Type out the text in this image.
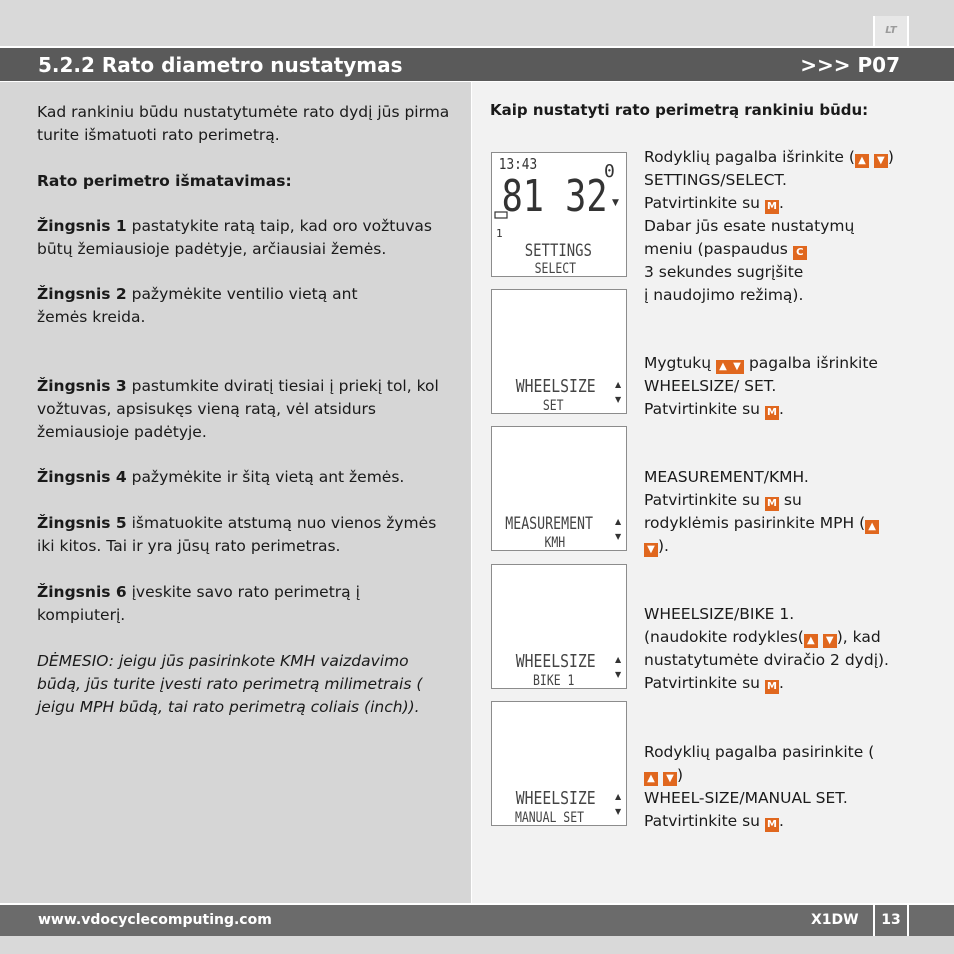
LT
5.2.2 Rato diametro nustatymas	>>> P07
Kad rankiniu būdu nustatytumėte rato dydį jūs pirma turite išmatuoti rato perimetrą.
Rato perimetro išmatavimas:
Žingsnis 1 pastatykite ratą taip, kad oro vožtuvas būtų žemiausioje padėtyje, arčiausiai žemės.
Žingsnis 2 pažymėkite ventilio vietą ant žemės kreida.
Žingsnis 3 pastumkite dviratį tiesiai į priekį tol, kol vožtuvas, apsisukęs vieną ratą, vėl atsidurs žemiausioje padėtyje.
Žingsnis 4 pažymėkite ir šitą vietą ant žemės.
Žingsnis 5 išmatuokite atstumą nuo vienos žymės iki kitos. Tai ir yra jūsų rato perimetras.
Žingsnis 6 įveskite savo rato perimetrą į kompiuterį.
DĖMESIO: jeigu jūs pasirinkote KMH vaizdavimo būdą, jūs turite įvesti rato perimetrą milimetrais ( jeigu MPH būdą, tai rato perimetrą coliais (inch)).
Kaip nustatyti rato perimetrą rankiniu būdu:
13:43
81 32
0
▼
1
SETTINGS
SELECT
WHEELSIZE
SET
▲
▼
MEASUREMENT
KMH
▲
▼
WHEELSIZE
BIKE 1
▲
▼
WHEELSIZE
MANUAL SET
▲
▼
Rodyklių pagalba išrinkite ( ▲ ▼ ) SETTINGS/SELECT.
Patvirtinkite su M .
Dabar jūs esate nustatymų meniu (paspaudus C
3 sekundes sugrįšite
į naudojimo režimą).
Mygtukų ▲ ▼ pagalba išrinkite WHEELSIZE/ SET.
Patvirtinkite su M .
MEASUREMENT/KMH.
Patvirtinkite su M su rodyklėmis pasirinkite MPH ( ▲ ▼ ).
WHEELSIZE/BIKE 1.
(naudokite rodykles( ▲ ▼ ), kad nustatytumėte dviračio 2 dydį).
Patvirtinkite su M .
Rodyklių pagalba pasirinkite (▲ ▼ )
WHEEL-SIZE/MANUAL SET.
Patvirtinkite su M .
www.vdocyclecomputing.com	X1DW	13
